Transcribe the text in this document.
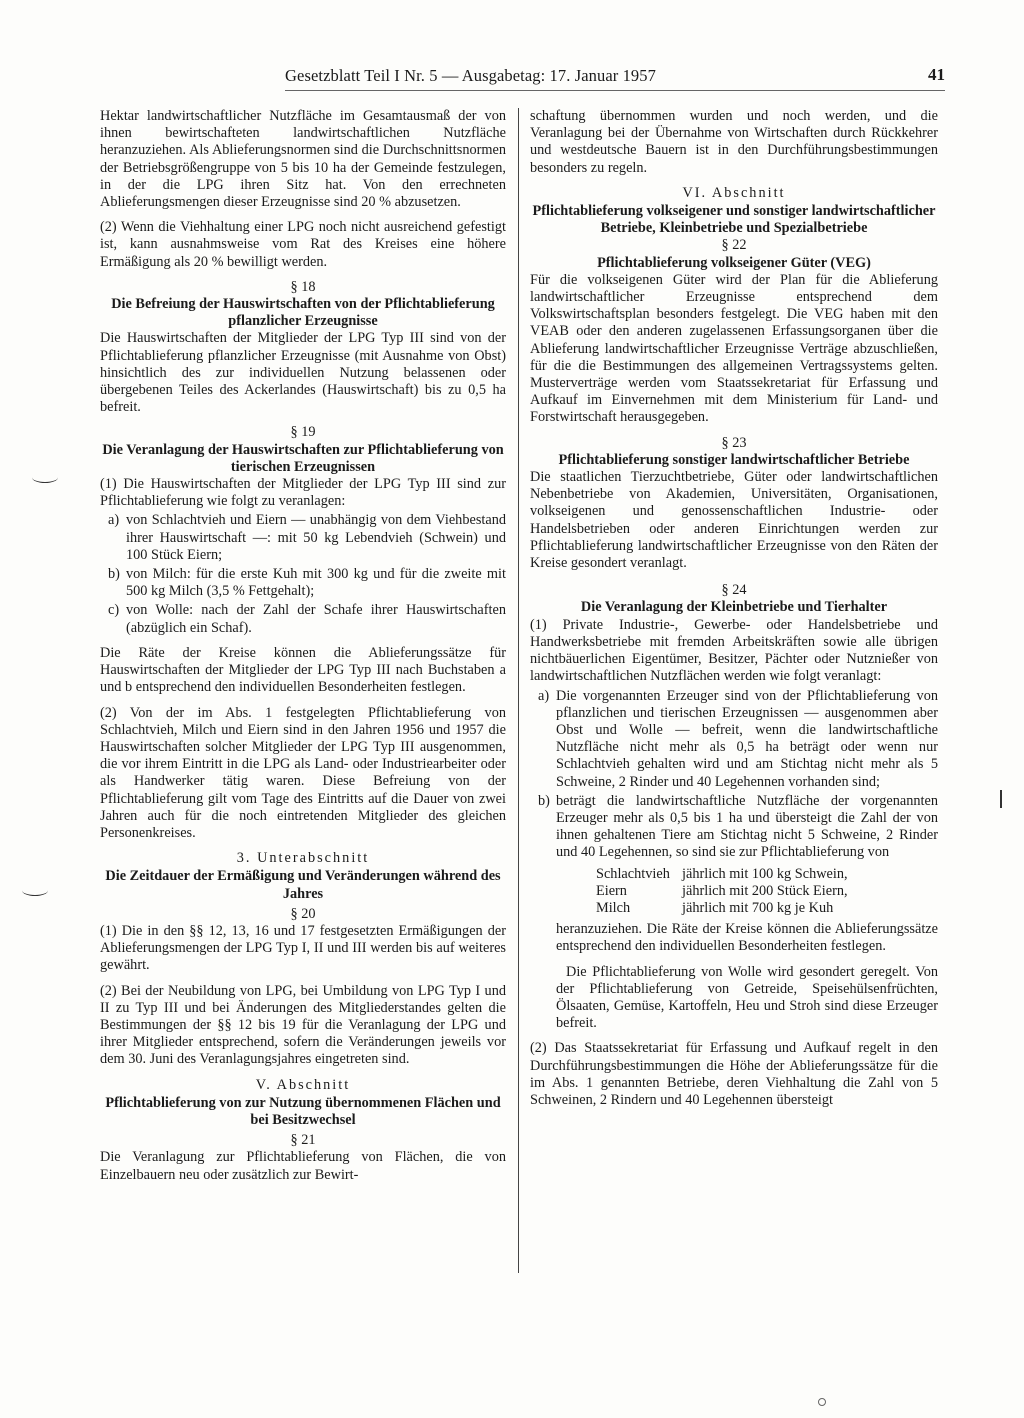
Gesetzblatt Teil I Nr. 5 — Ausgabetag: 17. Januar 1957	41

Hektar landwirtschaftlicher Nutzfläche im Gesamtausmaß der von ihnen bewirtschafteten landwirtschaftlichen Nutzfläche heranzuziehen. Als Ablieferungsnormen sind die Durchschnittsnormen der Betriebsgrößengruppe von 5 bis 10 ha der Gemeinde festzulegen, in der die LPG ihren Sitz hat. Von den errechneten Ablieferungsmengen dieser Erzeugnisse sind 20 % abzusetzen.

(2) Wenn die Viehhaltung einer LPG noch nicht ausreichend gefestigt ist, kann ausnahmsweise vom Rat des Kreises eine höhere Ermäßigung als 20 % bewilligt werden.

§ 18
Die Befreiung der Hauswirtschaften von der Pflichtablieferung pflanzlicher Erzeugnisse

Die Hauswirtschaften der Mitglieder der LPG Typ III sind von der Pflichtablieferung pflanzlicher Erzeugnisse (mit Ausnahme von Obst) hinsichtlich des zur individuellen Nutzung belassenen oder übergebenen Teiles des Ackerlandes (Hauswirtschaft) bis zu 0,5 ha befreit.

§ 19
Die Veranlagung der Hauswirtschaften zur Pflichtablieferung von tierischen Erzeugnissen

(1) Die Hauswirtschaften der Mitglieder der LPG Typ III sind zur Pflichtablieferung wie folgt zu veranlagen:

a) von Schlachtvieh und Eiern — unabhängig von dem Viehbestand ihrer Hauswirtschaft —: mit 50 kg Lebendvieh (Schwein) und 100 Stück Eiern;
b) von Milch: für die erste Kuh mit 300 kg und für die zweite mit 500 kg Milch (3,5 % Fettgehalt);
c) von Wolle: nach der Zahl der Schafe ihrer Hauswirtschaften (abzüglich ein Schaf).

Die Räte der Kreise können die Ablieferungssätze für Hauswirtschaften der Mitglieder der LPG Typ III nach Buchstaben a und b entsprechend den individuellen Besonderheiten festlegen.

(2) Von der im Abs. 1 festgelegten Pflichtablieferung von Schlachtvieh, Milch und Eiern sind in den Jahren 1956 und 1957 die Hauswirtschaften solcher Mitglieder der LPG Typ III ausgenommen, die vor ihrem Eintritt in die LPG als Land- oder Industriearbeiter oder als Handwerker tätig waren. Diese Befreiung von der Pflichtablieferung gilt vom Tage des Eintritts auf die Dauer von zwei Jahren auch für die noch eintretenden Mitglieder des gleichen Personenkreises.

3. Unterabschnitt
Die Zeitdauer der Ermäßigung und Veränderungen während des Jahres
§ 20

(1) Die in den §§ 12, 13, 16 und 17 festgesetzten Ermäßigungen der Ablieferungsmengen der LPG Typ I, II und III werden bis auf weiteres gewährt.

(2) Bei der Neubildung von LPG, bei Umbildung von LPG Typ I und II zu Typ III und bei Änderungen des Mitgliederstandes gelten die Bestimmungen der §§ 12 bis 19 für die Veranlagung der LPG und ihrer Mitglieder entsprechend, sofern die Veränderungen jeweils vor dem 30. Juni des Veranlagungsjahres eingetreten sind.

V. Abschnitt
Pflichtablieferung von zur Nutzung übernommenen Flächen und bei Besitzwechsel
§ 21

Die Veranlagung zur Pflichtablieferung von Flächen, die von Einzelbauern neu oder zusätzlich zur Bewirt-

schaftung übernommen wurden und noch werden, und die Veranlagung bei der Übernahme von Wirtschaften durch Rückkehrer und westdeutsche Bauern ist in den Durchführungsbestimmungen besonders zu regeln.

VI. Abschnitt
Pflichtablieferung volkseigener und sonstiger landwirtschaftlicher Betriebe, Kleinbetriebe und Spezialbetriebe
§ 22
Pflichtablieferung volkseigener Güter (VEG)

Für die volkseigenen Güter wird der Plan für die Ablieferung landwirtschaftlicher Erzeugnisse entsprechend dem Volkswirtschaftsplan besonders festgelegt. Die VEG haben mit den VEAB oder den anderen zugelassenen Erfassungsorganen über die Ablieferung landwirtschaftlicher Erzeugnisse Verträge abzuschließen, für die die Bestimmungen des allgemeinen Vertragssystems gelten. Musterverträge werden vom Staatssekretariat für Erfassung und Aufkauf im Einvernehmen mit dem Ministerium für Land- und Forstwirtschaft herausgegeben.

§ 23
Pflichtablieferung sonstiger landwirtschaftlicher Betriebe

Die staatlichen Tierzuchtbetriebe, Güter oder landwirtschaftlichen Nebenbetriebe von Akademien, Universitäten, Organisationen, volkseigenen und genossenschaftlichen Industrie- oder Handelsbetrieben oder anderen Einrichtungen werden zur Pflichtablieferung landwirtschaftlicher Erzeugnisse von den Räten der Kreise gesondert veranlagt.

§ 24
Die Veranlagung der Kleinbetriebe und Tierhalter

(1) Private Industrie-, Gewerbe- oder Handelsbetriebe und Handwerksbetriebe mit fremden Arbeitskräften sowie alle übrigen nichtbäuerlichen Eigentümer, Besitzer, Pächter oder Nutznießer von landwirtschaftlichen Nutzflächen werden wie folgt veranlagt:

a) Die vorgenannten Erzeuger sind von der Pflichtablieferung von pflanzlichen und tierischen Erzeugnissen — ausgenommen aber Obst und Wolle — befreit, wenn die landwirtschaftliche Nutzfläche nicht mehr als 0,5 ha beträgt oder wenn nur Schlachtvieh gehalten wird und am Stichtag nicht mehr als 5 Schweine, 2 Rinder und 40 Legehennen vorhanden sind;
b) beträgt die landwirtschaftliche Nutzfläche der vorgenannten Erzeuger mehr als 0,5 bis 1 ha und übersteigt die Zahl der von ihnen gehaltenen Tiere am Stichtag nicht 5 Schweine, 2 Rinder und 40 Legehennen, so sind sie zur Pflichtablieferung von
Schlachtvieh jährlich mit 100 kg Schwein,
Eiern	jährlich mit 200 Stück Eiern,
Milch	jährlich mit 700 kg je Kuh

heranzuziehen. Die Räte der Kreise können die Ablieferungssätze entsprechend den individuellen Besonderheiten festlegen.

Die Pflichtablieferung von Wolle wird gesondert geregelt. Von der Pflichtablieferung von Getreide, Speisehülsenfrüchten, Ölsaaten, Gemüse, Kartoffeln, Heu und Stroh sind diese Erzeuger befreit.

(2) Das Staatssekretariat für Erfassung und Aufkauf regelt in den Durchführungsbestimmungen die Höhe der Ablieferungssätze für die im Abs. 1 genannten Betriebe, deren Viehhaltung die Zahl von 5 Schweinen, 2 Rindern und 40 Legehennen übersteigt
